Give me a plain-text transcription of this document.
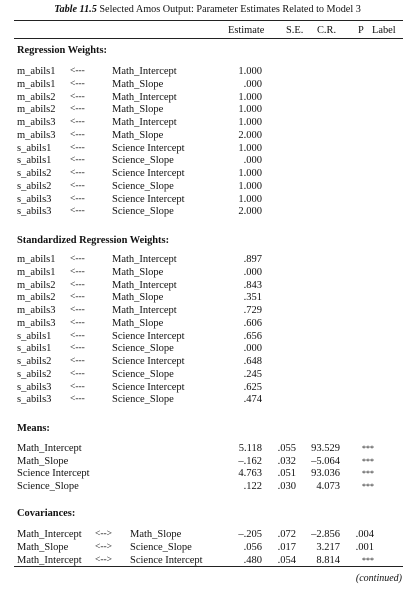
Table 11.5 Selected Amos Output: Parameter Estimates Related to Model 3
Estimate S.E. C.R. P Label
Regression Weights:
m_abils1 <---	Math_Intercept	1.000
m_abils1 <---	Math_Slope	.000
m_abils2 <---	Math_Intercept	1.000
m_abils2 <---	Math_Slope	1.000
m_abils3 <---	Math_Intercept	1.000
m_abils3 <---	Math_Slope	2.000
s_abils1 <---	Science Intercept	1.000
s_abils1 <---	Science_Slope	.000
s_abils2 <---	Science Intercept	1.000
s_abils2 <---	Science_Slope	1.000
s_abils3 <---	Science Intercept	1.000
s_abils3 <---	Science_Slope	2.000
Standardized Regression Weights:
m_abils1 <---	Math_Intercept	.897
m_abils1 <---	Math_Slope	.000
m_abils2 <---	Math_Intercept	.843
m_abils2 <---	Math_Slope	.351
m_abils3 <---	Math_Intercept	.729
m_abils3 <---	Math_Slope	.606
s_abils1 <---	Science Intercept	.656
s_abils1 <---	Science_Slope	.000
s_abils2 <---	Science Intercept	.648
s_abils2 <---	Science_Slope	.245
s_abils3 <---	Science Intercept	.625
s_abils3 <---	Science_Slope	.474
Means:
Math_Intercept	5.118 .055 93.529	***
Math_Slope	–.162 .032 –5.064	***
Science Intercept	4.763 .051 93.036	***
Science_Slope	.122 .030 4.073	***
Covariances:
Math_Intercept <--> Math_Slope	–.205 .072 –2.856 .004
Math_Slope	<--> Science_Slope	.056 .017 3.217 .001
Math_Intercept <--> Science Intercept	.480 .054 8.814	***
(continued)
